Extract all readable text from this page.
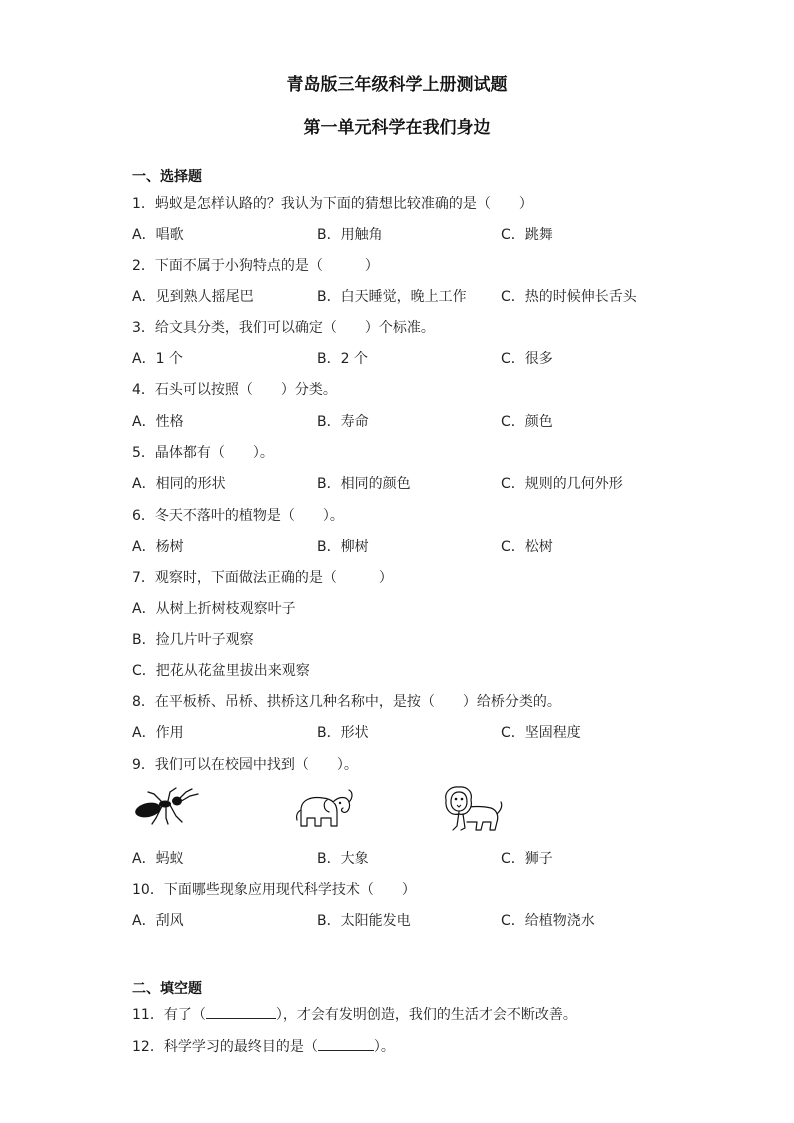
青岛版三年级科学上册测试题
第一单元科学在我们身边
一、选择题
1．蚂蚁是怎样认路的？我认为下面的猜想比较准确的是（　　）
A．唱歌	B．用触角	C．跳舞
2．下面不属于小狗特点的是（　　　）
A．见到熟人摇尾巴	B．白天睡觉，晚上工作 C．热的时候伸长舌头
3．给文具分类，我们可以确定（　　）个标准。
A．1 个	B．2 个	C．很多
4．石头可以按照（　　）分类。
A．性格	B．寿命	C．颜色
5．晶体都有（　　）。
A．相同的形状	B．相同的颜色	C．规则的几何外形
6．冬天不落叶的植物是（　　）。
A．杨树	B．柳树	C．松树
7．观察时，下面做法正确的是（　　　）
A．从树上折树枝观察叶子
B．捡几片叶子观察
C．把花从花盆里拔出来观察
8．在平板桥、吊桥、拱桥这几种名称中，是按（　　）给桥分类的。
A．作用	B．形状	C．坚固程度
9．我们可以在校园中找到（　　）。
A．蚂蚁	B．大象	C．狮子
10．下面哪些现象应用现代科学技术（　　）
A．刮风	B．太阳能发电	C．给植物浇水
二、填空题
11．有了（	），才会有发明创造，我们的生活才会不断改善。
12．科学学习的最终目的是（	）。
